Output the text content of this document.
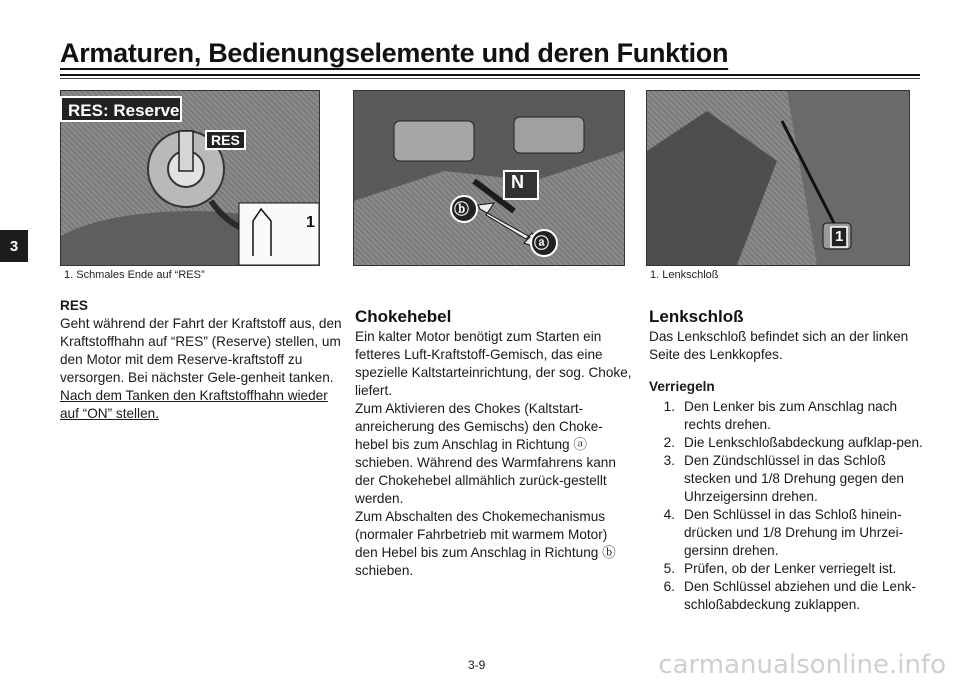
Armaturen, Bedienungselemente und deren Funktion
3
RES: Reserve
RES
1
1. Schmales Ende auf “RES”
ⓑ
ⓐ
N
1
1. Lenkschloß

RES

Geht während der Fahrt der Kraftstoff aus, den Kraftstoffhahn auf “RES” (Reserve) stellen, um den Motor mit dem Reserve-kraftstoff zu versorgen. Bei nächster Gele-genheit tanken. Nach dem Tanken den Kraftstoffhahn wieder auf “ON” stellen.

Chokehebel

Ein kalter Motor benötigt zum Starten ein fetteres Luft-Kraftstoff-Gemisch, das eine spezielle Kaltstarteinrichtung, der sog. Choke, liefert.

Zum Aktivieren des Chokes (Kaltstart-anreicherung des Gemischs) den Choke-hebel bis zum Anschlag in Richtung ⓐ schieben. Während des Warmfahrens kann der Chokehebel allmählich zurück-gestellt werden.

Zum Abschalten des Chokemechanismus (normaler Fahrbetrieb mit warmem Motor) den Hebel bis zum Anschlag in Richtung ⓑ schieben.

Lenkschloß

Das Lenkschloß befindet sich an der linken Seite des Lenkkopfes.

Verriegeln

1. Den Lenker bis zum Anschlag nach rechts drehen.
2. Die Lenkschloßabdeckung aufklap-pen.
3. Den Zündschlüssel in das Schloß stecken und 1/8 Drehung gegen den Uhrzeigersinn drehen.
4. Den Schlüssel in das Schloß hinein-drücken und 1/8 Drehung im Uhrzei-gersinn drehen.
5. Prüfen, ob der Lenker verriegelt ist.
6. Den Schlüssel abziehen und die Lenk-schloßabdeckung zuklappen.
3-9	carmanualsonline.info
